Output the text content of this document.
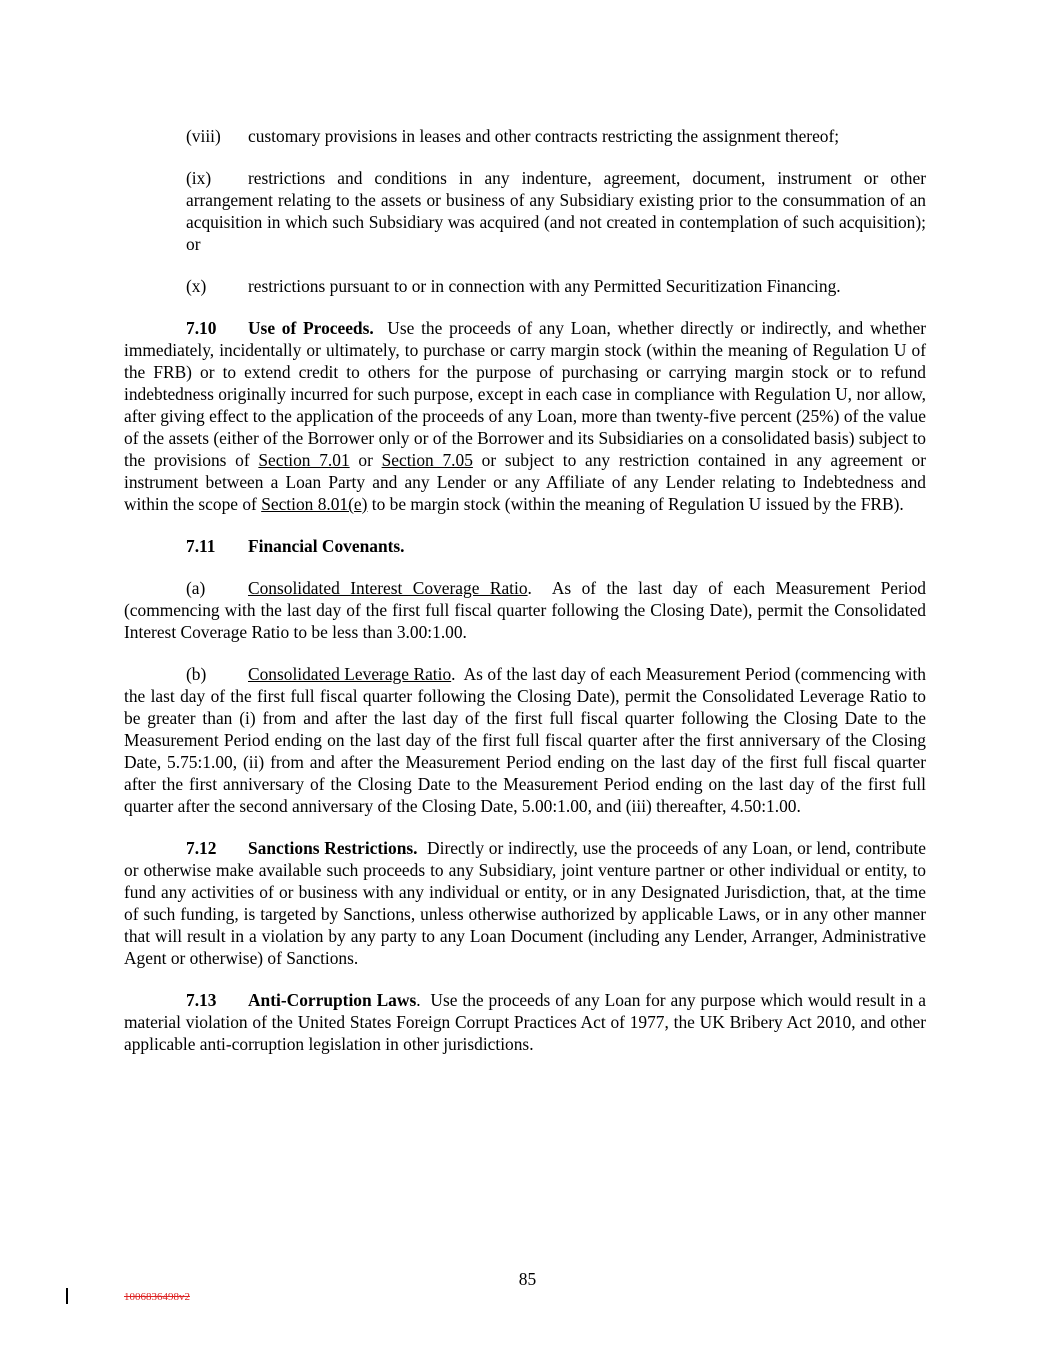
(viii) customary provisions in leases and other contracts restricting the assignment thereof;

(ix) restrictions and conditions in any indenture, agreement, document, instrument or other arrangement relating to the assets or business of any Subsidiary existing prior to the consummation of an acquisition in which such Subsidiary was acquired (and not created in contemplation of such acquisition); or

(x) restrictions pursuant to or in connection with any Permitted Securitization Financing.

7.10 Use of Proceeds. Use the proceeds of any Loan, whether directly or indirectly, and whether immediately, incidentally or ultimately, to purchase or carry margin stock (within the meaning of Regulation U of the FRB) or to extend credit to others for the purpose of purchasing or carrying margin stock or to refund indebtedness originally incurred for such purpose, except in each case in compliance with Regulation U, nor allow, after giving effect to the application of the proceeds of any Loan, more than twenty-five percent (25%) of the value of the assets (either of the Borrower only or of the Borrower and its Subsidiaries on a consolidated basis) subject to the provisions of Section 7.01 or Section 7.05 or subject to any restriction contained in any agreement or instrument between a Loan Party and any Lender or any Affiliate of any Lender relating to Indebtedness and within the scope of Section 8.01(e) to be margin stock (within the meaning of Regulation U issued by the FRB).

7.11 Financial Covenants.

(a) Consolidated Interest Coverage Ratio.  As of the last day of each Measurement Period (commencing with the last day of the first full fiscal quarter following the Closing Date), permit the Consolidated Interest Coverage Ratio to be less than 3.00:1.00.

(b) Consolidated Leverage Ratio.  As of the last day of each Measurement Period (commencing with the last day of the first full fiscal quarter following the Closing Date), permit the Consolidated Leverage Ratio to be greater than (i) from and after the last day of the first full fiscal quarter following the Closing Date to the Measurement Period ending on the last day of the first full fiscal quarter after the first anniversary of the Closing Date, 5.75:1.00, (ii) from and after the Measurement Period ending on the last day of the first full fiscal quarter after the first anniversary of the Closing Date to the Measurement Period ending on the last day of the first full quarter after the second anniversary of the Closing Date, 5.00:1.00, and (iii) thereafter, 4.50:1.00.

7.12 Sanctions Restrictions. Directly or indirectly, use the proceeds of any Loan, or lend, contribute or otherwise make available such proceeds to any Subsidiary, joint venture partner or other individual or entity, to fund any activities of or business with any individual or entity, or in any Designated Jurisdiction, that, at the time of such funding, is targeted by Sanctions, unless otherwise authorized by applicable Laws, or in any other manner that will result in a violation by any party to any Loan Document (including any Lender, Arranger, Administrative Agent or otherwise) of Sanctions.

7.13 Anti-Corruption Laws.  Use the proceeds of any Loan for any purpose which would result in a material violation of the United States Foreign Corrupt Practices Act of 1977, the UK Bribery Act 2010, and other applicable anti-corruption legislation in other jurisdictions.

85
1006836498v2
